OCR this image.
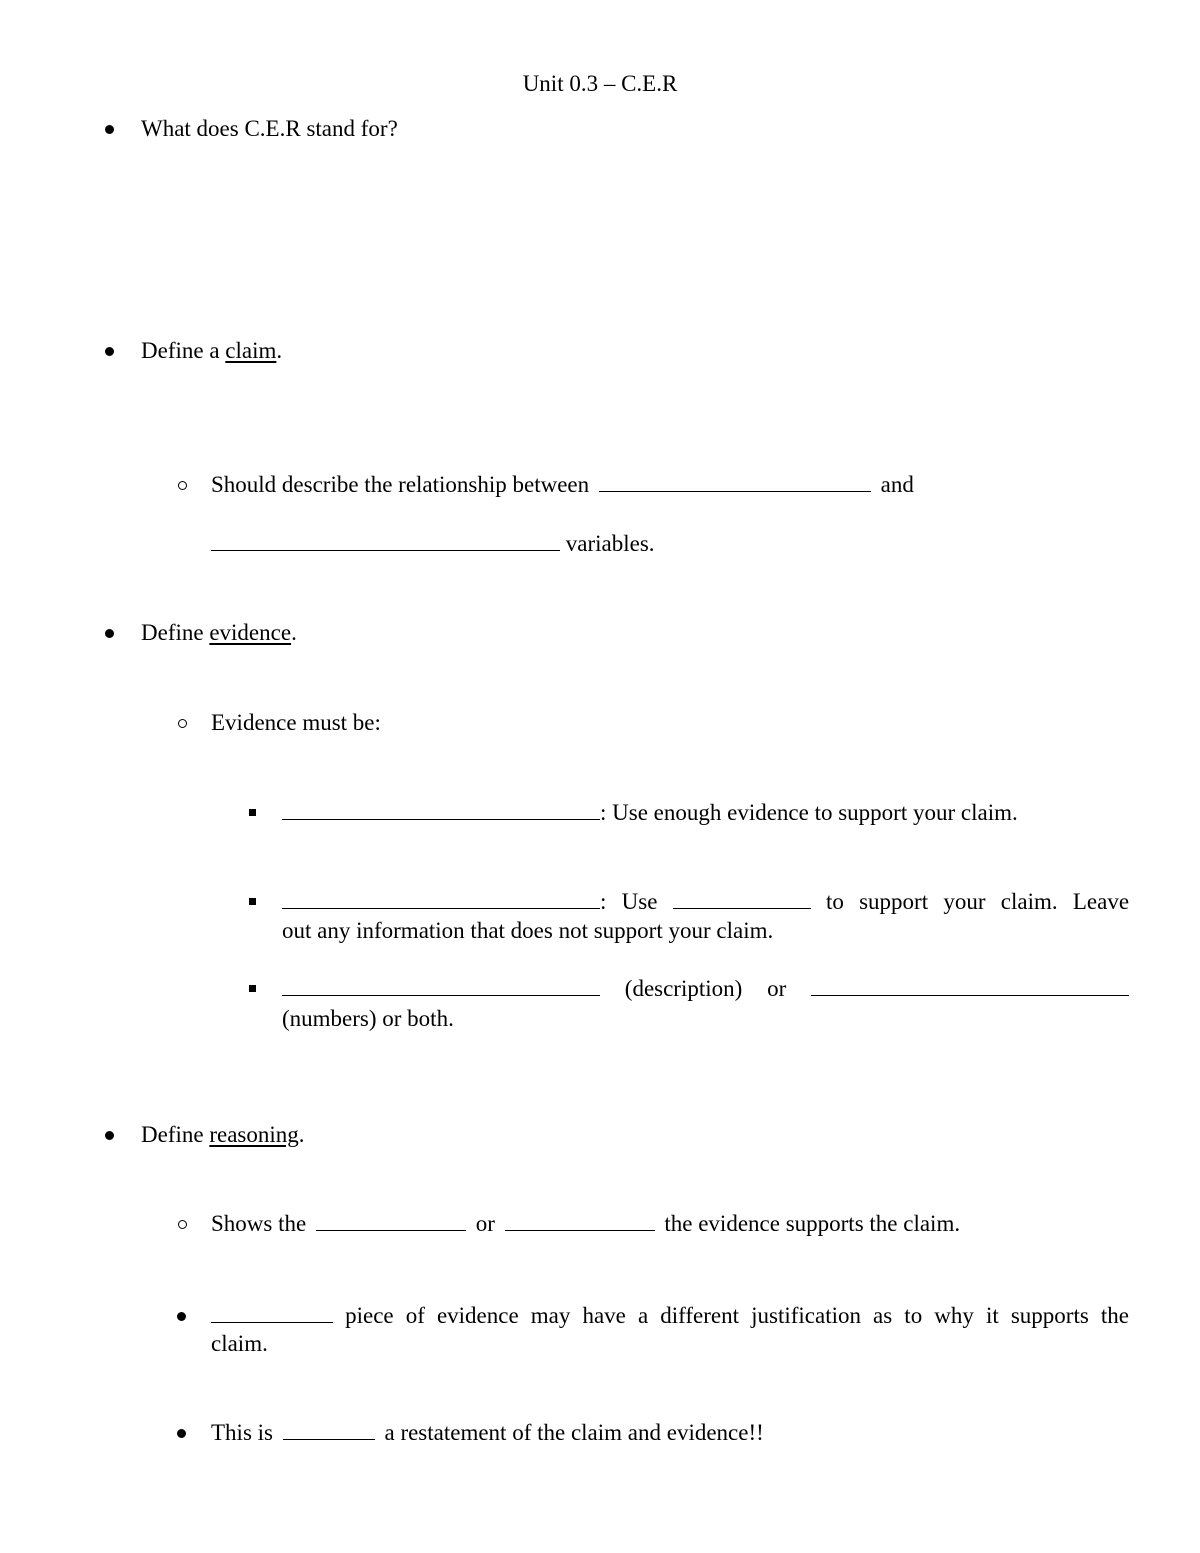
Unit 0.3 – C.E.R
What does C.E.R stand for?
Define a claim.
Should describe the relationship between	and
variables.
Define evidence.
Evidence must be:
: Use enough evidence to support your claim.
: Use	to support your claim. Leave
out any information that does not support your claim.
(description) or
(numbers) or both.
Define reasoning.
Shows the	or	the evidence supports the claim.
piece of evidence may have a different justification as to why it supports the
claim.
This is	a restatement of the claim and evidence!!
